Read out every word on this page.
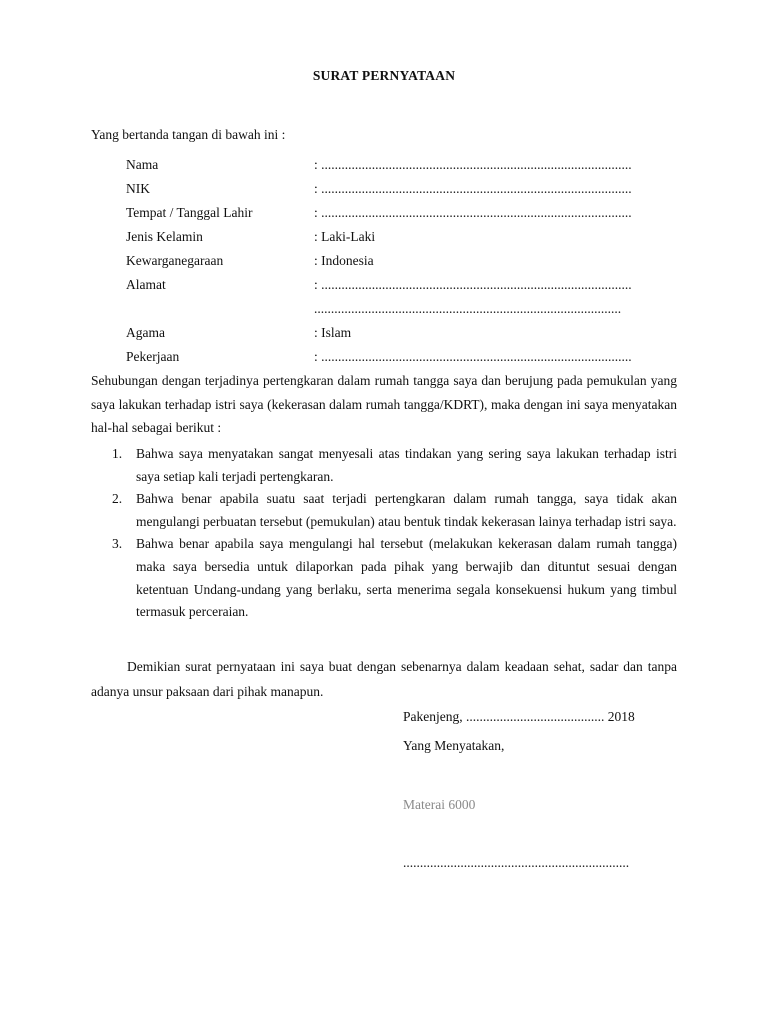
SURAT PERNYATAAN
Yang bertanda tangan di bawah ini :
Nama	: ............................................................................................
NIK	: ............................................................................................
Tempat / Tanggal Lahir	: ............................................................................................
Jenis Kelamin	: Laki-Laki
Kewarganegaraan	: Indonesia
Alamat	: ............................................................................................
...........................................................................................
Agama	: Islam
Pekerjaan	: ............................................................................................
Sehubungan dengan terjadinya pertengkaran dalam rumah tangga saya dan berujung pada pemukulan yang saya lakukan terhadap istri saya (kekerasan dalam rumah tangga/KDRT), maka dengan ini saya menyatakan hal-hal sebagai berikut :
1. Bahwa saya menyatakan sangat menyesali atas tindakan yang sering saya lakukan terhadap istri saya setiap kali terjadi pertengkaran.
2. Bahwa benar apabila suatu saat terjadi pertengkaran dalam rumah tangga, saya tidak akan mengulangi perbuatan tersebut (pemukulan) atau bentuk tindak kekerasan lainya terhadap istri saya.
3. Bahwa benar apabila saya mengulangi hal tersebut (melakukan kekerasan dalam rumah tangga) maka saya bersedia untuk dilaporkan pada pihak yang berwajib dan dituntut sesuai dengan ketentuan Undang-undang yang berlaku, serta menerima segala konsekuensi hukum yang timbul termasuk perceraian.
Demikian surat pernyataan ini saya buat dengan sebenarnya dalam keadaan sehat, sadar dan tanpa adanya unsur paksaan dari pihak manapun.
Pakenjeng, ......................................... 2018
Yang Menyatakan,
Materai 6000
...................................................................
